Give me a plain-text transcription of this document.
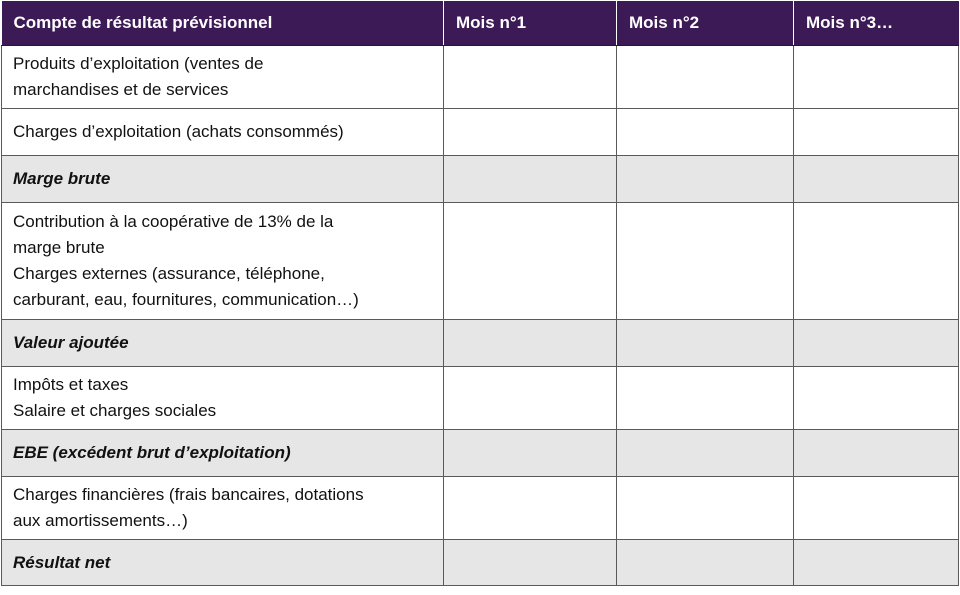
Compte de résultat prévisionnel	Mois n°1	Mois n°2	Mois n°3…

Produits d’exploitation (ventes de
marchandises et de services			

Charges d’exploitation (achats consommés)			

Marge brute			

Contribution à la coopérative de 13% de la
marge brute
Charges externes (assurance, téléphone,
carburant, eau, fournitures, communication…)			

Valeur ajoutée			

Impôts et taxes
Salaire et charges sociales			

EBE (excédent brut d’exploitation)			

Charges financières (frais bancaires, dotations
aux amortissements…)			

Résultat net			
